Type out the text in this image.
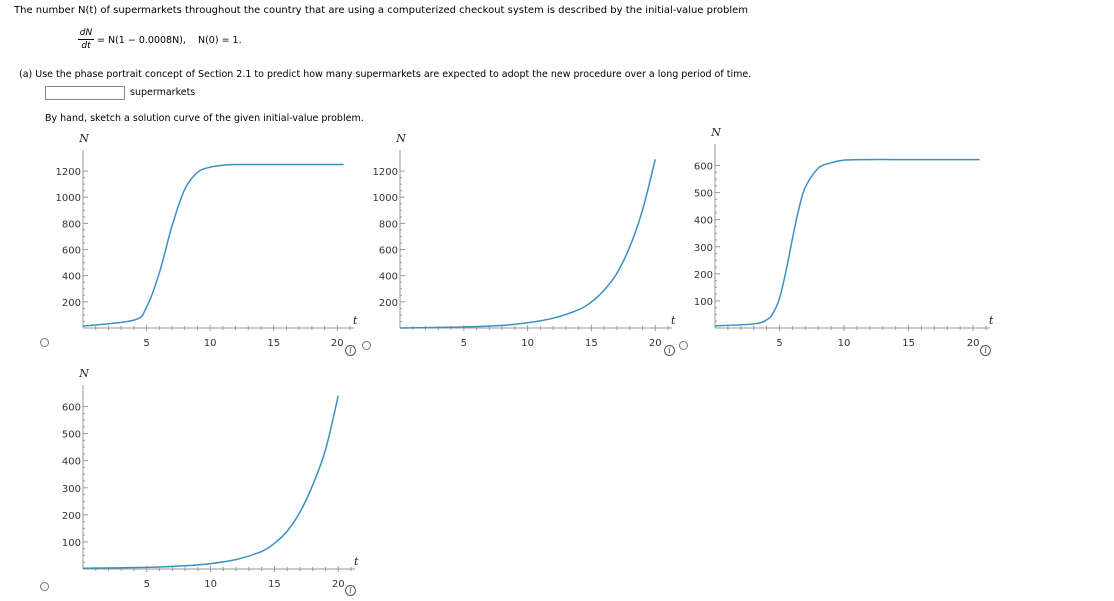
The number N(t) of supermarkets throughout the country that are using a computerized checkout system is described by the initial-value problem
dN
dt = N(1 − 0.0008N),    N(0) = 1.
(a) Use the phase portrait concept of Section 2.1 to predict how many supermarkets are expected to adopt the new procedure over a long period of time.
supermarkets
By hand, sketch a solution curve of the given initial-value problem.
5	10	15	20
200
400
600
800
1000
1200
N
t
i
5	10	15	20
200
400
600
800
1000
1200
N
t
i
5	10	15	20
100
200
300
400
500
600
N
t
i
5	10	15	20
100
200
300
400
500
600
N
t
i
